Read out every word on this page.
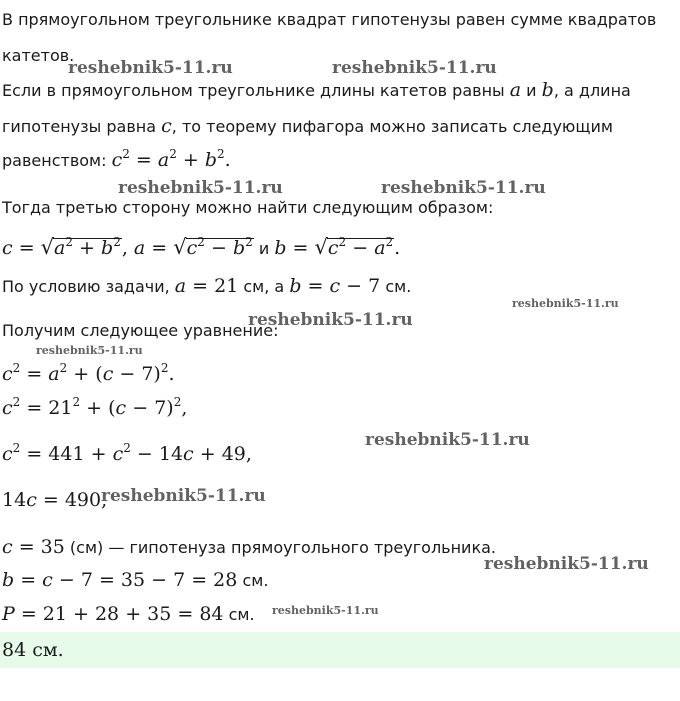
В прямоугольном треугольнике квадрат гипотенузы равен сумме квадратов
катетов.
Если в прямоугольном треугольнике длины катетов равны a и b, а длина
гипотенузы равна c, то теорему пифагора можно записать следующим
равенством: $c^2 = a^2 + b^2$.
Тогда третью сторону можно найти следующим образом:
$c = √a^2 + b^2$, $a = √c^2 - b^2$ и $b = √c^2 - a^2$.
По условию задачи, a = 21 см, а b = c − 7 см.
Получим следующее уравнение:
$c^2 = a^2 + (c - 7)^2$.
$c^2 = 21^2 + (c - 7)^2$,
$c^2 = 441 + c^2 - 14c + 49$,
14c = 490,
c = 35 (см) — гипотенуза прямоугольного треугольника.
b = c − 7 = 35 − 7 = 28 см.
P = 21 + 28 + 35 = 84 см.
84 см.
reshebnik5-11.ru	reshebnik5-11.ru
reshebnik5-11.ru	reshebnik5-11.ru
reshebnik5-11.ru
reshebnik5-11.ru
reshebnik5-11.ru
reshebnik5-11.ru
reshebnik5-11.ru
reshebnik5-11.ru
reshebnik5-11.ru
